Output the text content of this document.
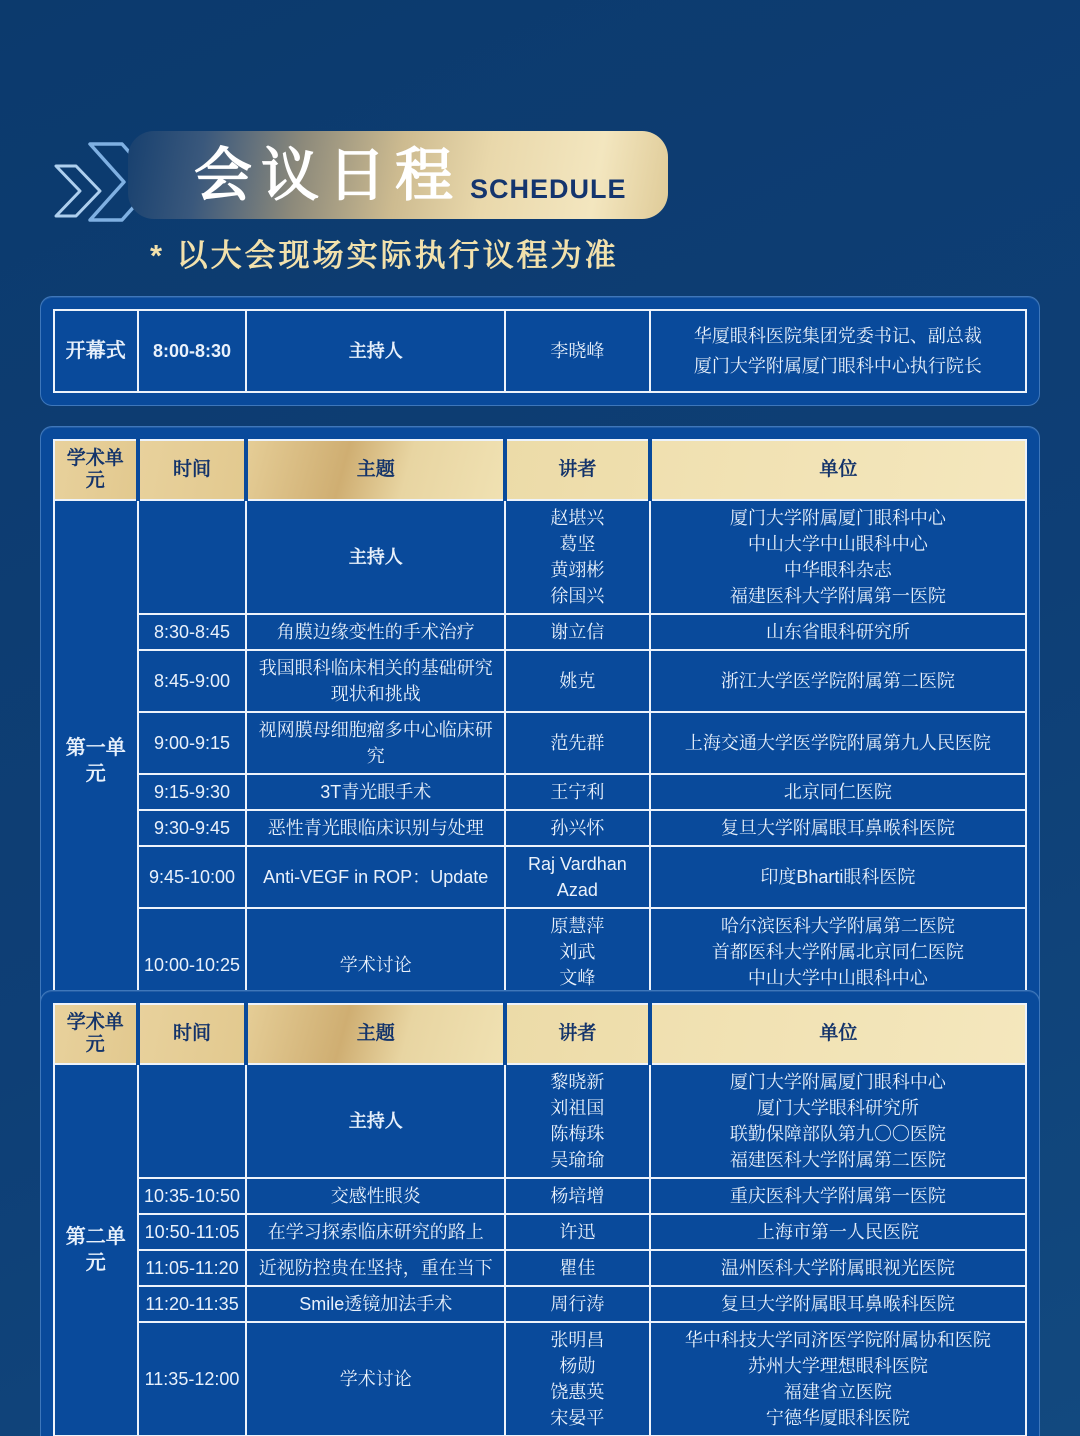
会议日程 SCHEDULE
* 以大会现场实际执行议程为准
开幕式	8:00-8:30	主持人	李晓峰	
华厦眼科医院集团党委书记、副总裁
厦门大学附属厦门眼科中心执行院长
学术单元	时间	主题	讲者	单位
第一单元		主持人	赵堪兴
葛坚
黄翊彬
徐国兴	厦门大学附属厦门眼科中心
中山大学中山眼科中心
中华眼科杂志
福建医科大学附属第一医院

	8:30-8:45	角膜边缘变性的手术治疗	谢立信	山东省眼科研究所
	8:45-9:00	我国眼科临床相关的基础研究现状和挑战	姚克	浙江大学医学院附属第二医院
	9:00-9:15	视网膜母细胞瘤多中心临床研究	范先群	上海交通大学医学院附属第九人民医院
	9:15-9:30	3T青光眼手术	王宁利	北京同仁医院
	9:30-9:45	恶性青光眼临床识别与处理	孙兴怀	复旦大学附属眼耳鼻喉科医院
	9:45-10:00	Anti-VEGF in ROP：Update	Raj Vardhan Azad	印度Bharti眼科医院
	10:00-10:25	学术讨论	原慧萍
刘武
文峰	哈尔滨医科大学附属第二医院
首都医科大学附属北京同仁医院
中山大学中山眼科中心
学术单元	时间	主题	讲者	单位
第二单元		主持人	黎晓新
刘祖国
陈梅珠
吴瑜瑜	厦门大学附属厦门眼科中心
厦门大学眼科研究所
联勤保障部队第九〇〇医院
福建医科大学附属第二医院

	10:35-10:50	交感性眼炎	杨培增	重庆医科大学附属第一医院
	10:50-11:05	在学习探索临床研究的路上	许迅	上海市第一人民医院
	11:05-11:20	近视防控贵在坚持，重在当下	瞿佳	温州医科大学附属眼视光医院
	11:20-11:35	Smile透镜加法手术	周行涛	复旦大学附属眼耳鼻喉科医院
	11:35-12:00	学术讨论	张明昌
杨勋
饶惠英
宋晏平	华中科技大学同济医学院附属协和医院
苏州大学理想眼科医院
福建省立医院
宁德华厦眼科医院
